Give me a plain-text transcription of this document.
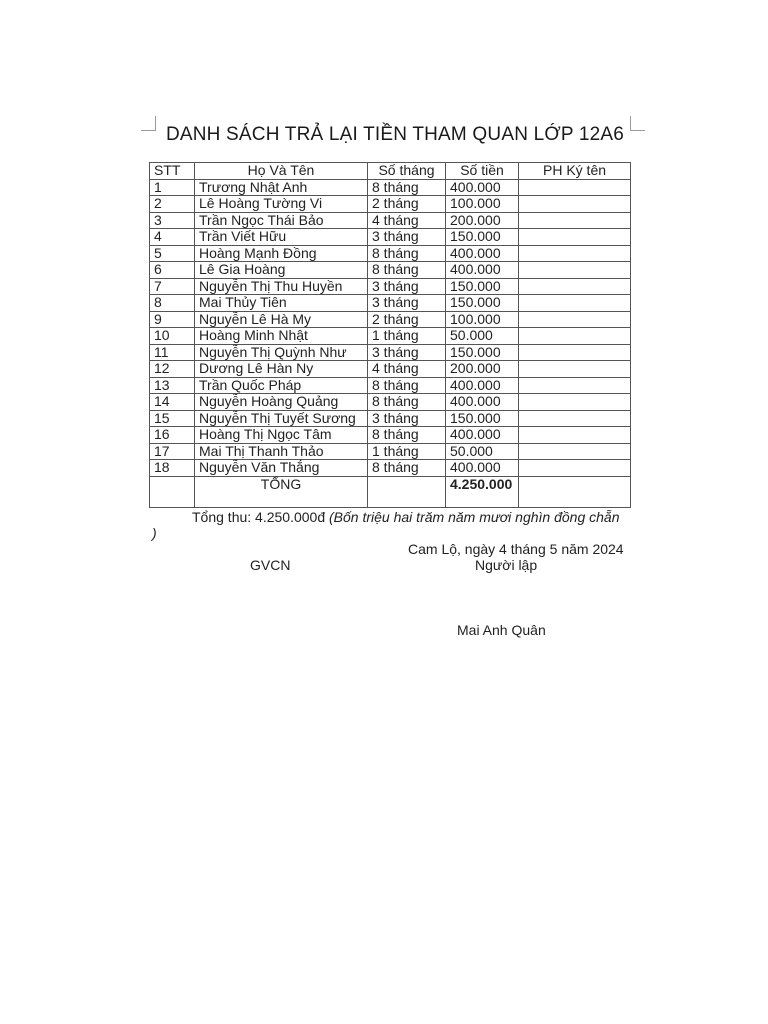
DANH SÁCH TRẢ LẠI TIỀN THAM QUAN LỚP 12A6
STT	Họ Và Tên	Số tháng	Số tiền	PH Ký tên
1	Trương Nhật Anh	8 tháng	400.000	
2	Lê Hoàng Tường Vi	2 tháng	100.000	
3	Trần Ngọc Thái Bảo	4 tháng	200.000	
4	Trần Viết Hữu	3 tháng	150.000	
5	Hoàng Mạnh Đồng	8 tháng	400.000	
6	Lê Gia Hoàng	8 tháng	400.000	
7	Nguyễn Thị Thu Huyền	3 tháng	150.000	
8	Mai Thủy Tiên	3 tháng	150.000	
9	Nguyễn Lê Hà My	2 tháng	100.000	
10	Hoàng Minh Nhật	1 tháng	50.000	
11	Nguyễn Thị Quỳnh Như	3 tháng	150.000	
12	Dương Lê Hàn Ny	4 tháng	200.000	
13	Trần Quốc Pháp	8 tháng	400.000	
14	Nguyễn Hoàng Quảng	8 tháng	400.000	
15	Nguyễn Thị Tuyết Sương	3 tháng	150.000	
16	Hoàng Thị Ngọc Tâm	8 tháng	400.000	
17	Mai Thị Thanh Thảo	1 tháng	50.000	
18	Nguyễn Văn Thắng	8 tháng	400.000	
	TỔNG		4.250.000	
Tổng thu: 4.250.000đ (Bốn triệu hai trăm năm mươi nghìn đồng chẵn )
Cam Lộ, ngày 4 tháng 5 năm 2024
GVCN	Người lập
Mai Anh Quân
